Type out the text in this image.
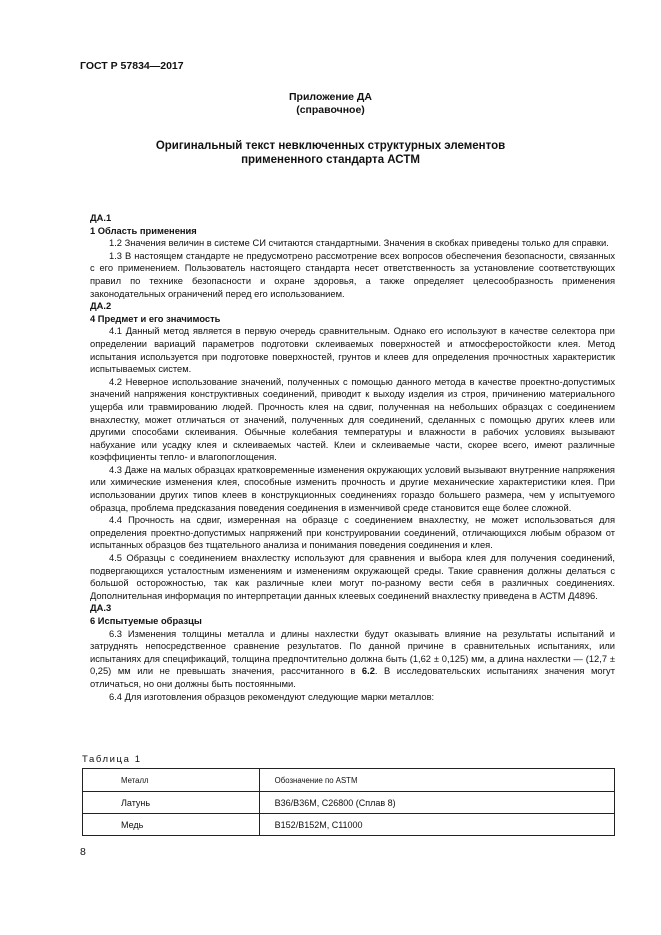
ГОСТ Р 57834—2017
Приложение ДА
(справочное)
Оригинальный текст невключенных структурных элементов
примененного стандарта АСТМ

ДА.1

1 Область применения

1.2 Значения величин в системе СИ считаются стандартными. Значения в скобках приведены только для справки.

1.3 В настоящем стандарте не предусмотрено рассмотрение всех вопросов обеспечения безопасности, связанных с его применением. Пользователь настоящего стандарта несет ответственность за установление соответствующих правил по технике безопасности и охране здоровья, а также определяет целесообразность применения законодательных ограничений перед его использованием.

ДА.2

4 Предмет и его значимость

4.1 Данный метод является в первую очередь сравнительным. Однако его используют в качестве селектора при определении вариаций параметров подготовки склеиваемых поверхностей и атмосферостойкости клея. Метод испытания используется при подготовке поверхностей, грунтов и клеев для определения прочностных характеристик испытываемых систем.

4.2 Неверное использование значений, полученных с помощью данного метода в качестве проектно-допустимых значений напряжения конструктивных соединений, приводит к выходу изделия из строя, причинению материального ущерба или травмированию людей. Прочность клея на сдвиг, полученная на небольших образцах с соединением внахлестку, может отличаться от значений, полученных для соединений, сделанных с помощью других клеев или другими способами склеивания. Обычные колебания температуры и влажности в рабочих условиях вызывают набухание или усадку клея и склеиваемых частей. Клеи и склеиваемые части, скорее всего, имеют различные коэффициенты тепло- и влагопоглощения.

4.3 Даже на малых образцах кратковременные изменения окружающих условий вызывают внутренние напряжения или химические изменения клея, способные изменить прочность и другие механические характеристики клея. При использовании других типов клеев в конструкционных соединениях гораздо большего размера, чем у испытуемого образца, проблема предсказания поведения соединения в изменчивой среде становится еще более сложной.

4.4 Прочность на сдвиг, измеренная на образце с соединением внахлестку, не может использоваться для определения проектно-допустимых напряжений при конструировании соединений, отличающихся любым образом от испытанных образцов без тщательного анализа и понимания поведения соединения и клея.

4.5 Образцы с соединением внахлестку используют для сравнения и выбора клея для получения соединений, подвергающихся усталостным изменениям и изменениям окружающей среды. Такие сравнения должны делаться с большой осторожностью, так как различные клеи могут по-разному вести себя в различных соединениях. Дополнительная информация по интерпретации данных клеевых соединений внахлестку приведена в АСТМ Д4896.

ДА.3

6 Испытуемые образцы

6.3 Изменения толщины металла и длины нахлестки будут оказывать влияние на результаты испытаний и затруднять непосредственное сравнение результатов. По данной причине в сравнительных испытаниях, или испытаниях для спецификаций, толщина предпочтительно должна быть (1,62 ± 0,125) мм, а длина нахлестки — (12,7 ± 0,25) мм или не превышать значения, рассчитанного в 6.2. В исследовательских испытаниях значения могут отличаться, но они должны быть постоянными.

6.4 Для изготовления образцов рекомендуют следующие марки металлов:

Таблица 1
Металл	Обозначение по ASTM
Латунь	B36/B36M, C26800 (Сплав 8)
Медь	B152/B152M, C11000
8
